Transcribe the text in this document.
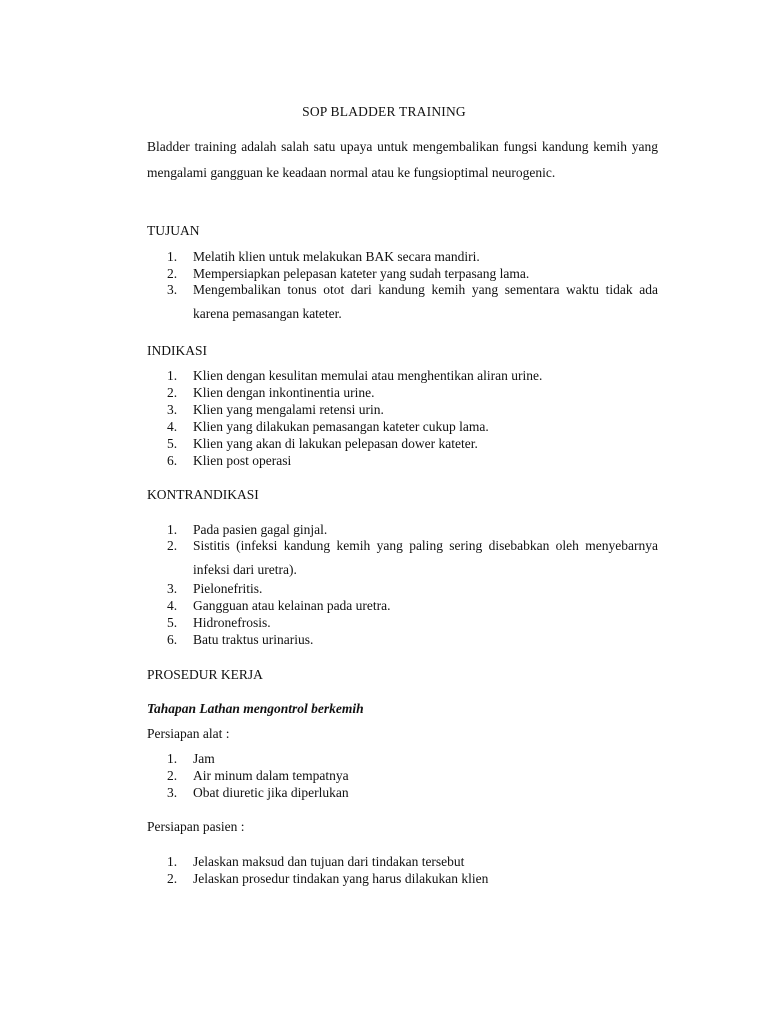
SOP BLADDER TRAINING
Bladder training adalah salah satu upaya untuk mengembalikan fungsi kandung kemih yang mengalami gangguan ke keadaan normal atau ke fungsioptimal neurogenic.
TUJUAN
1.	Melatih klien untuk melakukan BAK secara mandiri.
2.	Mempersiapkan pelepasan kateter yang sudah terpasang lama.
3.	Mengembalikan tonus otot dari kandung kemih yang sementara waktu tidak ada karena pemasangan kateter.
INDIKASI
1.	Klien dengan kesulitan memulai atau menghentikan aliran urine.
2.	Klien dengan inkontinentia urine.
3.	Klien yang mengalami retensi urin.
4.	Klien yang dilakukan pemasangan kateter cukup lama.
5.	Klien yang akan di lakukan pelepasan dower kateter.
6.	Klien post operasi
KONTRANDIKASI
1.	Pada pasien gagal ginjal.
2.	Sistitis (infeksi kandung kemih yang paling sering disebabkan oleh menyebarnya infeksi dari uretra).
3.	Pielonefritis.
4.	Gangguan atau kelainan pada uretra.
5.	Hidronefrosis.
6.	Batu traktus urinarius.
PROSEDUR KERJA
Tahapan Lathan mengontrol berkemih
Persiapan alat :
1.	Jam
2.	Air minum dalam tempatnya
3.	Obat diuretic jika diperlukan
Persiapan pasien :
1.	Jelaskan maksud dan tujuan dari tindakan tersebut
2.	Jelaskan prosedur tindakan yang harus dilakukan klien
